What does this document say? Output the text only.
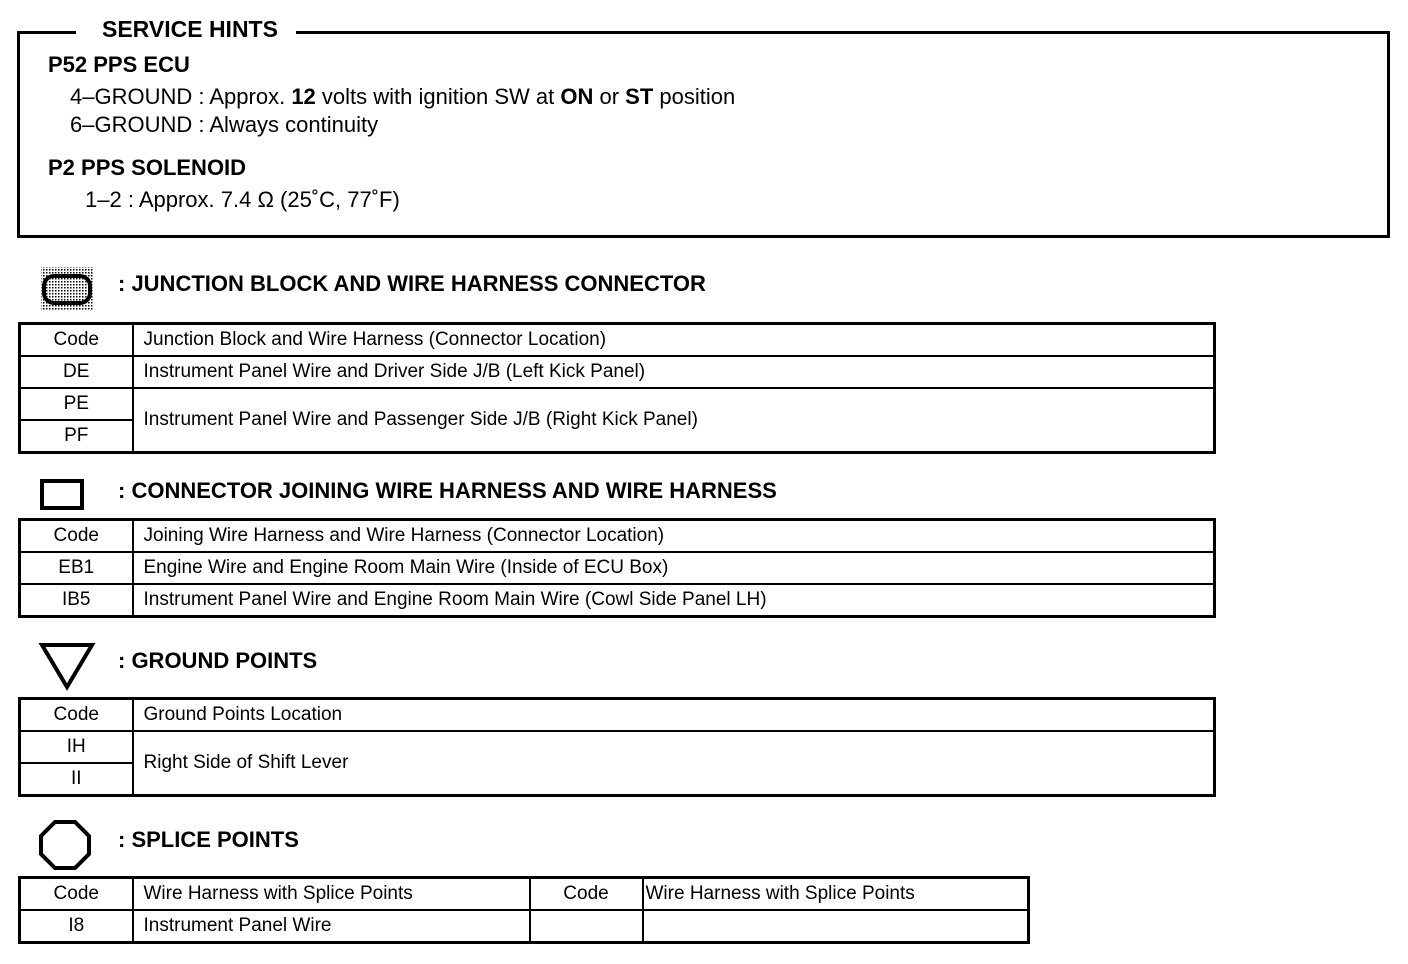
SERVICE HINTS
P52 PPS ECU
4–GROUND : Approx. 12 volts with ignition SW at ON or ST position
6–GROUND : Always continuity
P2 PPS SOLENOID
1–2 : Approx. 7.4 Ω (25˚C, 77˚F)
: JUNCTION BLOCK AND WIRE HARNESS CONNECTOR
Code	Junction Block and Wire Harness (Connector Location)
DE	Instrument Panel Wire and Driver Side J/B (Left Kick Panel)
PE	Instrument Panel Wire and Passenger Side J/B (Right Kick Panel)
PF	
: CONNECTOR JOINING WIRE HARNESS AND WIRE HARNESS
Code	Joining Wire Harness and Wire Harness (Connector Location)
EB1	Engine Wire and Engine Room Main Wire (Inside of ECU Box)
IB5	Instrument Panel Wire and Engine Room Main Wire (Cowl Side Panel LH)
: GROUND POINTS
Code	Ground Points Location
IH	Right Side of Shift Lever
II	
: SPLICE POINTS
Code	Wire Harness with Splice Points	Code	Wire Harness with Splice Points
I8	Instrument Panel Wire		
